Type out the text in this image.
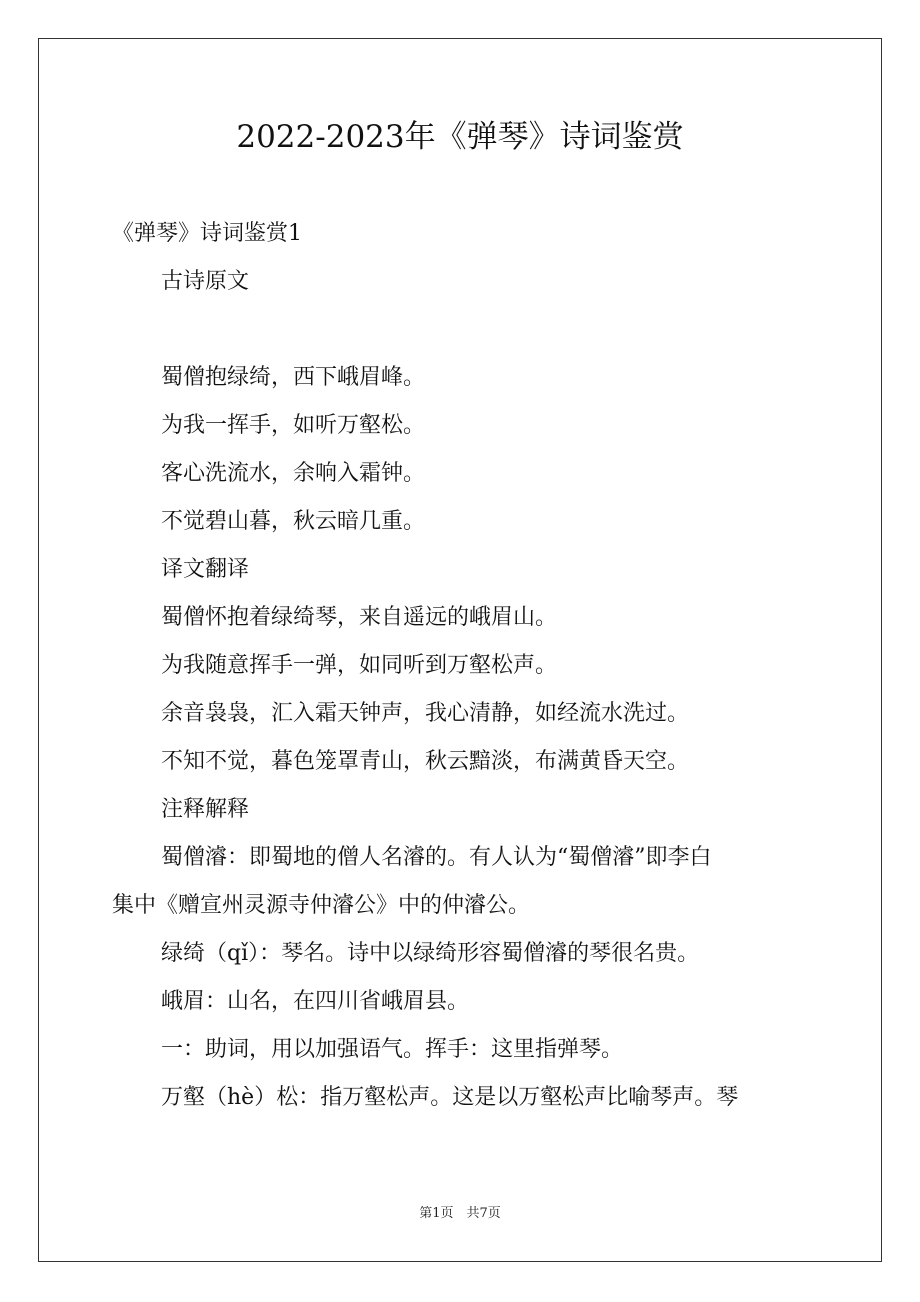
2022-2023年《弹琴》诗词鉴赏

《弹琴》诗词鉴赏1

古诗原文

蜀僧抱绿绮，西下峨眉峰。

为我一挥手，如听万壑松。

客心洗流水，余响入霜钟。

不觉碧山暮，秋云暗几重。

译文翻译

蜀僧怀抱着绿绮琴，来自遥远的峨眉山。

为我随意挥手一弹，如同听到万壑松声。

余音袅袅，汇入霜天钟声，我心清静，如经流水洗过。

不知不觉，暮色笼罩青山，秋云黯淡，布满黄昏天空。

注释解释

蜀僧濬：即蜀地的僧人名濬的。有人认为“蜀僧濬”即李白

集中《赠宣州灵源寺仲濬公》中的仲濬公。

绿绮（qǐ）：琴名。诗中以绿绮形容蜀僧濬的琴很名贵。

峨眉：山名，在四川省峨眉县。

一：助词，用以加强语气。挥手：这里指弹琴。

万壑（hè）松：指万壑松声。这是以万壑松声比喻琴声。琴

第1页　共7页
